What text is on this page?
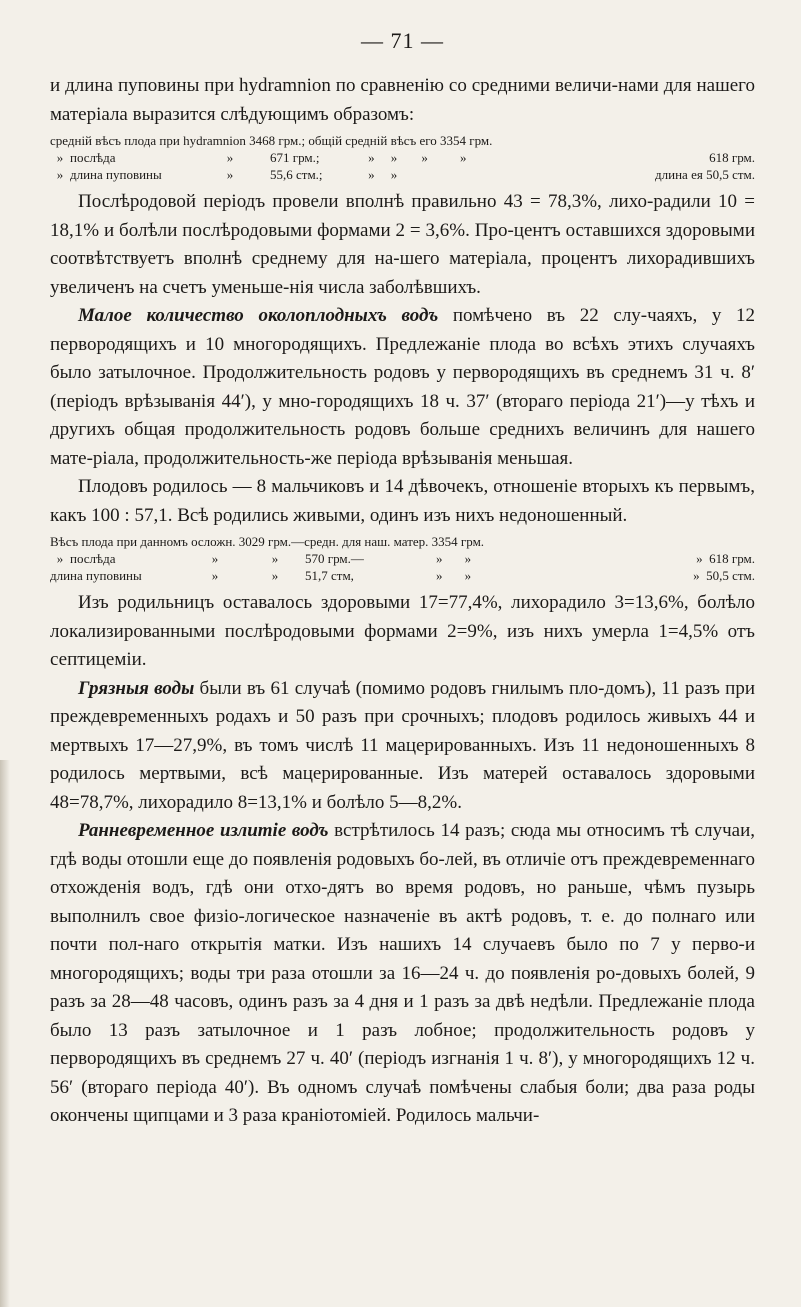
— 71 —

и длина пуповины при hydramnion по сравненію со средними величи-нами для нашего матеріала выразится слѣдующимъ образомъ:

средній вѣсъ плода при hydramnion 3468 грм.; общій средній вѣсъ его 3354 грм.								
»	послѣда	»	671 грм.;	»	»	»	»	618 грм.
»	длина пуповины	»	55,6 стм.;	»	»	длина ея 50,5 стм.		

Послѣродовой періодъ провели вполнѣ правильно 43 = 78,3%, лихо-радили 10 = 18,1% и болѣли послѣродовыми формами 2 = 3,6%. Про-центъ оставшихся здоровыми соотвѣтствуетъ вполнѣ среднему для на-шего матеріала, процентъ лихорадившихъ увеличенъ на счетъ уменьше-нія числа заболѣвшихъ.

Малое количество околоплодныхъ водъ помѣчено въ 22 слу-чаяхъ, у 12 первородящихъ и 10 многородящихъ. Предлежаніе плода во всѣхъ этихъ случаяхъ было затылочное. Продолжительность родовъ у первородящихъ въ среднемъ 31 ч. 8′ (періодъ врѣзыванія 44′), у мно-городящихъ 18 ч. 37′ (втораго періода 21′)—у тѣхъ и другихъ общая продолжительность родовъ больше среднихъ величинъ для нашего мате-ріала, продолжительность-же періода врѣзыванія меньшая.

Плодовъ родилось — 8 мальчиковъ и 14 дѣвочекъ, отношеніе вторыхъ къ первымъ, какъ 100 : 57,1. Всѣ родились живыми, одинъ изъ нихъ недоношенный.

Вѣсъ плода при данномъ осложн. 3029 грм.—средн. для наш. матер. 3354 грм.							
»	послѣда	»	»	570 грм.—	»	»	» 618 грм.
длина пуповины		»	»	51,7 стм,	»	»	» 50,5 стм.

Изъ родильницъ оставалось здоровыми 17=77,4%, лихорадило 3=13,6%, болѣло локализированными послѣродовыми формами 2=9%, изъ нихъ умерла 1=4,5% отъ септицеміи.

Грязныя воды были въ 61 случаѣ (помимо родовъ гнилымъ пло-домъ), 11 разъ при преждевременныхъ родахъ и 50 разъ при срочныхъ; плодовъ родилось живыхъ 44 и мертвыхъ 17—27,9%, въ томъ числѣ 11 мацерированныхъ. Изъ 11 недоношенныхъ 8 родилось мертвыми, всѣ мацерированные. Изъ матерей оставалось здоровыми 48=78,7%, лихорадило 8=13,1% и болѣло 5—8,2%.

Ранневременное излитіе водъ встрѣтилось 14 разъ; сюда мы относимъ тѣ случаи, гдѣ воды отошли еще до появленія родовыхъ бо-лей, въ отличіе отъ преждевременнаго отхожденія водъ, гдѣ они отхо-дятъ во время родовъ, но раньше, чѣмъ пузырь выполнилъ свое физіо-логическое назначеніе въ актѣ родовъ, т. е. до полнаго или почти пол-наго открытія матки. Изъ нашихъ 14 случаевъ было по 7 у перво-и многородящихъ; воды три раза отошли за 16—24 ч. до появленія ро-довыхъ болей, 9 разъ за 28—48 часовъ, одинъ разъ за 4 дня и 1 разъ за двѣ недѣли. Предлежаніе плода было 13 разъ затылочное и 1 разъ лобное; продолжительность родовъ у первородящихъ въ среднемъ 27 ч. 40′ (періодъ изгнанія 1 ч. 8′), у многородящихъ 12 ч. 56′ (втораго періода 40′). Въ одномъ случаѣ помѣчены слабыя боли; два раза роды окончены щипцами и 3 раза краніотоміей. Родилось мальчи-
